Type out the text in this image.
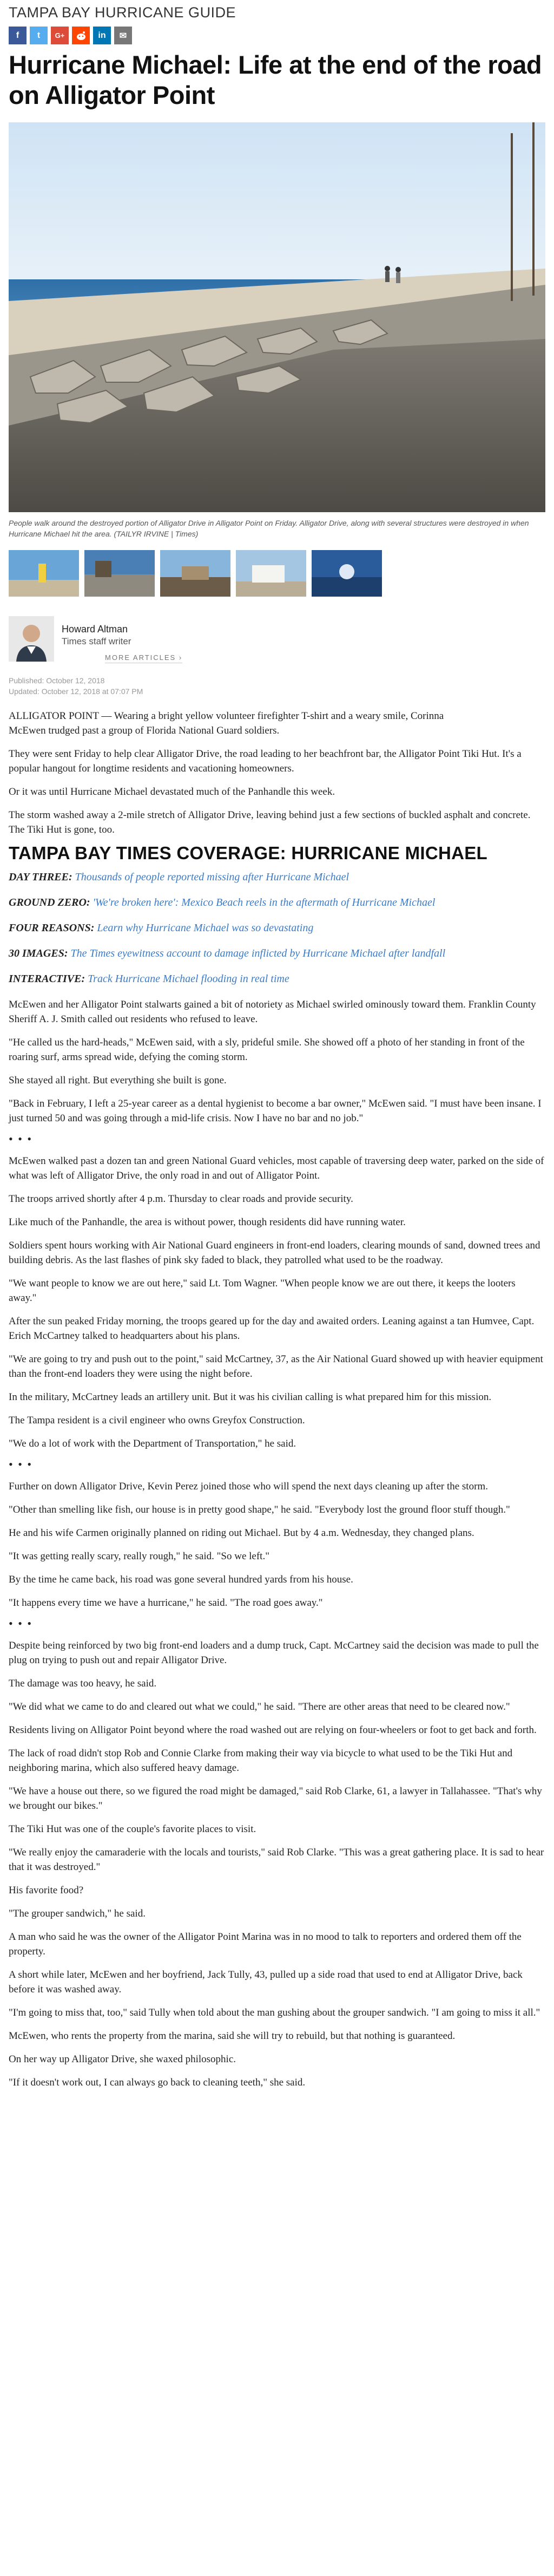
TAMPA BAY HURRICANE GUIDE
f	t	G+	in	✉
Hurricane Michael: Life at the end of the road on Alligator Point

People walk around the destroyed portion of Alligator Drive in Alligator Point on Friday. Alligator Drive, along with several structures were destroyed in when Hurricane Michael hit the area. (TAILYR IRVINE | Times)

Howard Altman
Times staff writer
MORE ARTICLES ›
Published: October 12, 2018
Updated: October 12, 2018 at 07:07 PM

ALLIGATOR POINT — Wearing a bright yellow volunteer firefighter T-shirt and a weary smile, Corinna McEwen trudged past a group of Florida National Guard soldiers.

They were sent Friday to help clear Alligator Drive, the road leading to her beachfront bar, the Alligator Point Tiki Hut. It's a popular hangout for longtime residents and vacationing homeowners.

Or it was until Hurricane Michael devastated much of the Panhandle this week.

The storm washed away a 2-mile stretch of Alligator Drive, leaving behind just a few sections of buckled asphalt and concrete. The Tiki Hut is gone, too.

TAMPA BAY TIMES COVERAGE: HURRICANE MICHAEL
DAY THREE: Thousands of people reported missing after Hurricane Michael
GROUND ZERO: 'We're broken here': Mexico Beach reels in the aftermath of Hurricane Michael
FOUR REASONS: Learn why Hurricane Michael was so devastating
30 IMAGES: The Times eyewitness account to damage inflicted by Hurricane Michael after landfall
INTERACTIVE: Track Hurricane Michael flooding in real time

McEwen and her Alligator Point stalwarts gained a bit of notoriety as Michael swirled ominously toward them. Franklin County Sheriff A. J. Smith called out residents who refused to leave.

"He called us the hard-heads," McEwen said, with a sly, prideful smile. She showed off a photo of her standing in front of the roaring surf, arms spread wide, defying the coming storm.

She stayed all right. But everything she built is gone.

"Back in February, I left a 25-year career as a dental hygienist to become a bar owner," McEwen said. "I must have been insane. I just turned 50 and was going through a mid-life crisis. Now I have no bar and no job."

• • •

McEwen walked past a dozen tan and green National Guard vehicles, most capable of traversing deep water, parked on the side of what was left of Alligator Drive, the only road in and out of Alligator Point.

The troops arrived shortly after 4 p.m. Thursday to clear roads and provide security.

Like much of the Panhandle, the area is without power, though residents did have running water.

Soldiers spent hours working with Air National Guard engineers in front-end loaders, clearing mounds of sand, downed trees and building debris. As the last flashes of pink sky faded to black, they patrolled what used to be the roadway.

"We want people to know we are out here," said Lt. Tom Wagner. "When people know we are out there, it keeps the looters away."

After the sun peaked Friday morning, the troops geared up for the day and awaited orders. Leaning against a tan Humvee, Capt. Erich McCartney talked to headquarters about his plans.

"We are going to try and push out to the point," said McCartney, 37, as the Air National Guard showed up with heavier equipment than the front-end loaders they were using the night before.

In the military, McCartney leads an artillery unit. But it was his civilian calling is what prepared him for this mission.

The Tampa resident is a civil engineer who owns Greyfox Construction.

"We do a lot of work with the Department of Transportation," he said.

• • •

Further on down Alligator Drive, Kevin Perez joined those who will spend the next days cleaning up after the storm.

"Other than smelling like fish, our house is in pretty good shape," he said. "Everybody lost the ground floor stuff though."

He and his wife Carmen originally planned on riding out Michael. But by 4 a.m. Wednesday, they changed plans.

"It was getting really scary, really rough," he said. "So we left."

By the time he came back, his road was gone several hundred yards from his house.

"It happens every time we have a hurricane," he said. "The road goes away."

• • •

Despite being reinforced by two big front-end loaders and a dump truck, Capt. McCartney said the decision was made to pull the plug on trying to push out and repair Alligator Drive.

The damage was too heavy, he said.

"We did what we came to do and cleared out what we could," he said. "There are other areas that need to be cleared now."

Residents living on Alligator Point beyond where the road washed out are relying on four-wheelers or foot to get back and forth.

The lack of road didn't stop Rob and Connie Clarke from making their way via bicycle to what used to be the Tiki Hut and neighboring marina, which also suffered heavy damage.

"We have a house out there, so we figured the road might be damaged," said Rob Clarke, 61, a lawyer in Tallahassee. "That's why we brought our bikes."

The Tiki Hut was one of the couple's favorite places to visit.

"We really enjoy the camaraderie with the locals and tourists," said Rob Clarke. "This was a great gathering place. It is sad to hear that it was destroyed."

His favorite food?

"The grouper sandwich," he said.

A man who said he was the owner of the Alligator Point Marina was in no mood to talk to reporters and ordered them off the property.

A short while later, McEwen and her boyfriend, Jack Tully, 43, pulled up a side road that used to end at Alligator Drive, back before it was washed away.

"I'm going to miss that, too," said Tully when told about the man gushing about the grouper sandwich. "I am going to miss it all."

McEwen, who rents the property from the marina, said she will try to rebuild, but that nothing is guaranteed.

On her way up Alligator Drive, she waxed philosophic.

"If it doesn't work out, I can always go back to cleaning teeth," she said.
